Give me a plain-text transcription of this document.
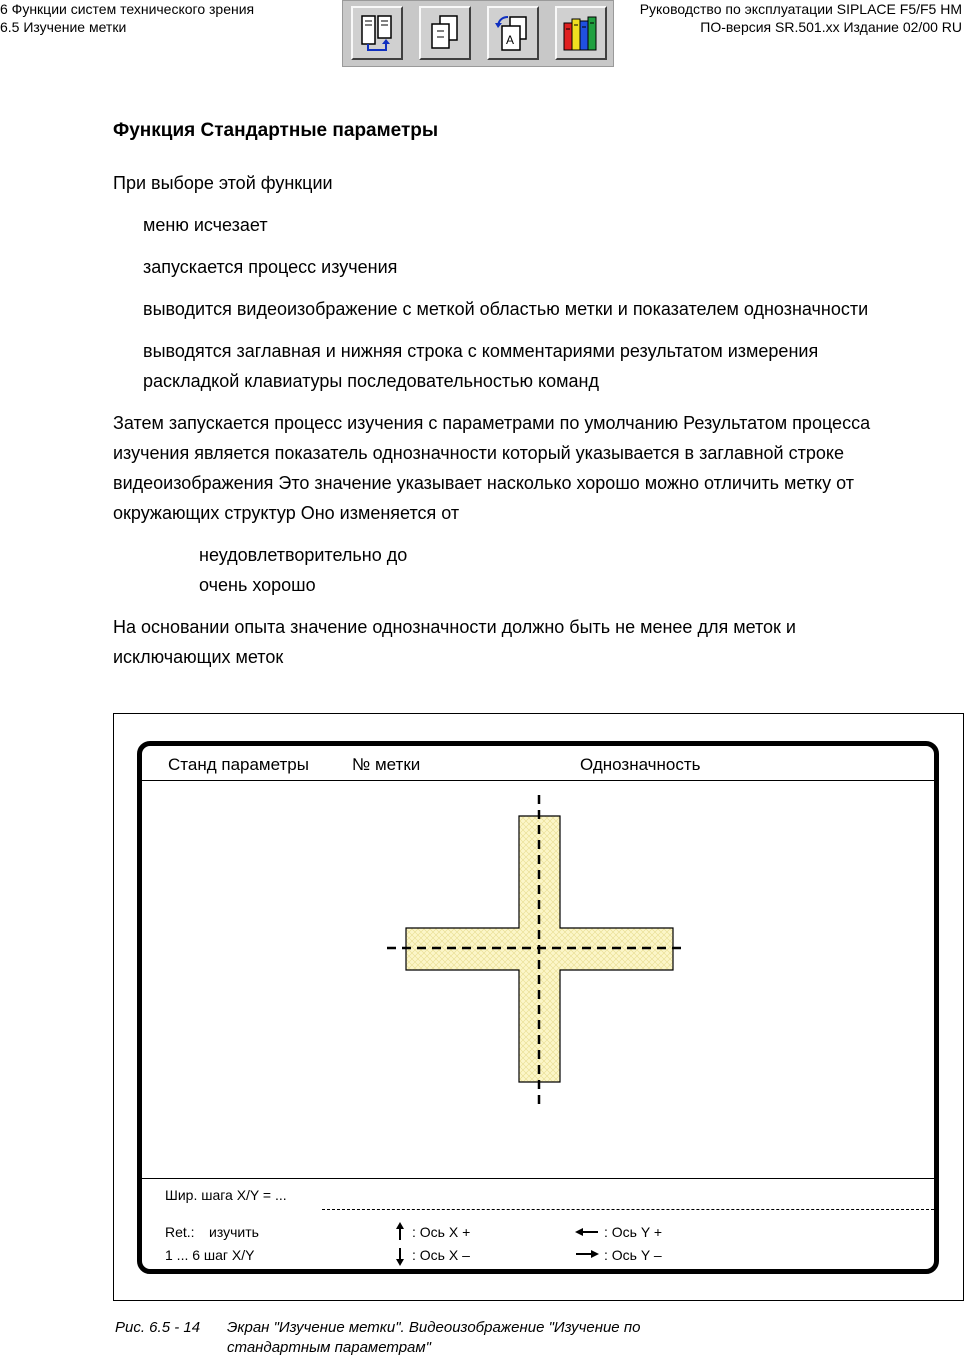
6 Функции систем технического зрения
6.5 Изучение метки
Руководство по эксплуатации SIPLACE F5/F5 HM
ПО-версия SR.501.xx Издание 02/00 RU
A
Функция Стандартные параметры
При выборе этой функции
меню исчезает
запускается процесс изучения
выводится видеоизображение с меткой областью метки и показателем однозначности
выводятся заглавная и нижняя строка с комментариями результатом измерения
раскладкой клавиатуры последовательностью команд
Затем запускается процесс изучения с параметрами по умолчанию Результатом процесса
изучения является показатель однозначности который указывается в заглавной строке
видеоизображения Это значение указывает насколько хорошо можно отличить метку от
окружающих структур Оно изменяется от
неудовлетворительно до
очень хорошо
На основании опыта значение однозначности должно быть не менее для меток и
исключающих меток
Станд параметры	№ метки	Однозначность
Шир. шага X/Y = ...
Ret.: изучить
1 ... 6 шаг X/Y
: Ось X +
: Ось X –
: Ось Y +
: Ось Y –
Рис. 6.5 - 14 Экран "Изучение метки". Видеоизображение "Изучение по
стандартным параметрам"
